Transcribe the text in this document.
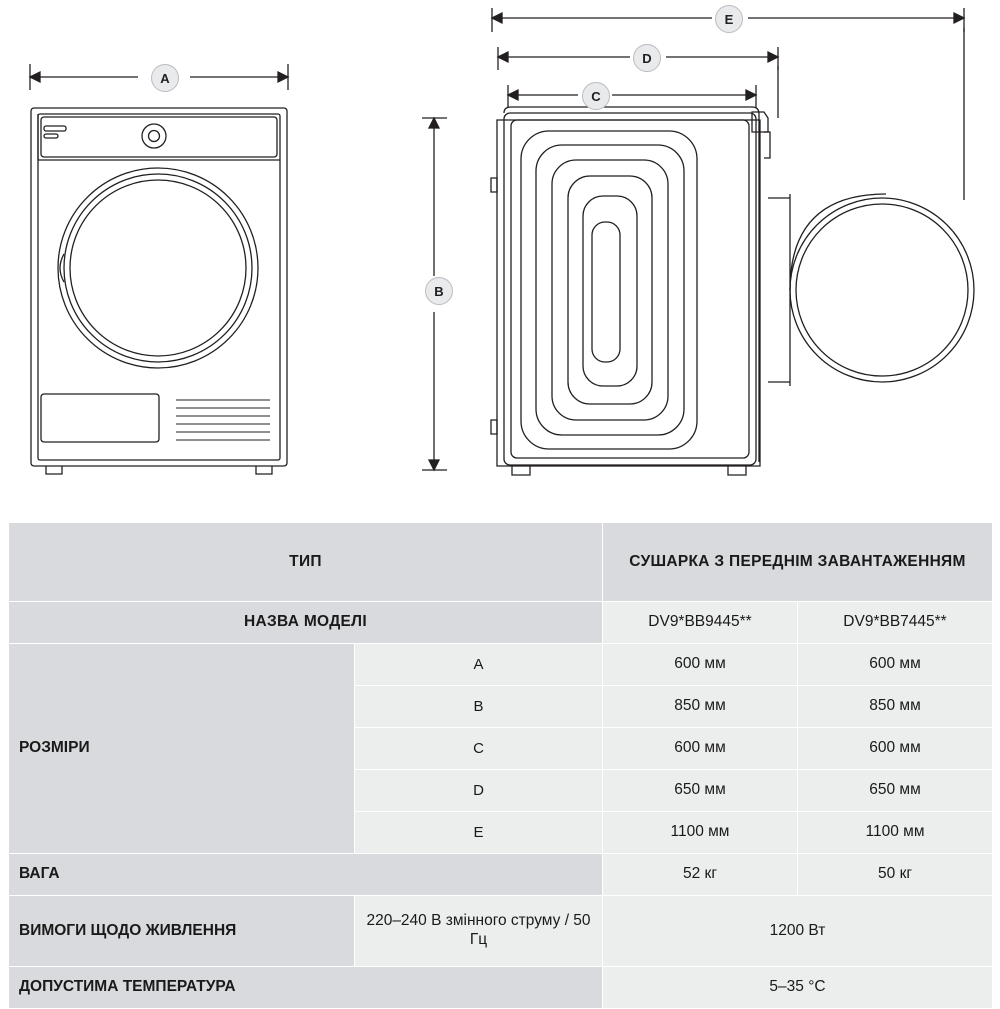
A
B
C
D
E
ТИП		СУШАРКА З ПЕРЕДНІМ ЗАВАНТАЖЕННЯМ	
НАЗВА МОДЕЛІ		DV9*BB9445**	DV9*BB7445**
РОЗМІРИ	A	600 мм	600 мм
	B	850 мм	850 мм
	C	600 мм	600 мм
	D	650 мм	650 мм
	E	1100 мм	1100 мм
ВАГА		52 кг	50 кг
ВИМОГИ ЩОДО ЖИВЛЕННЯ	220–240 В змінного струму / 50 Гц	1200 Вт	
ДОПУСТИМА ТЕМПЕРАТУРА		5–35 °C	
